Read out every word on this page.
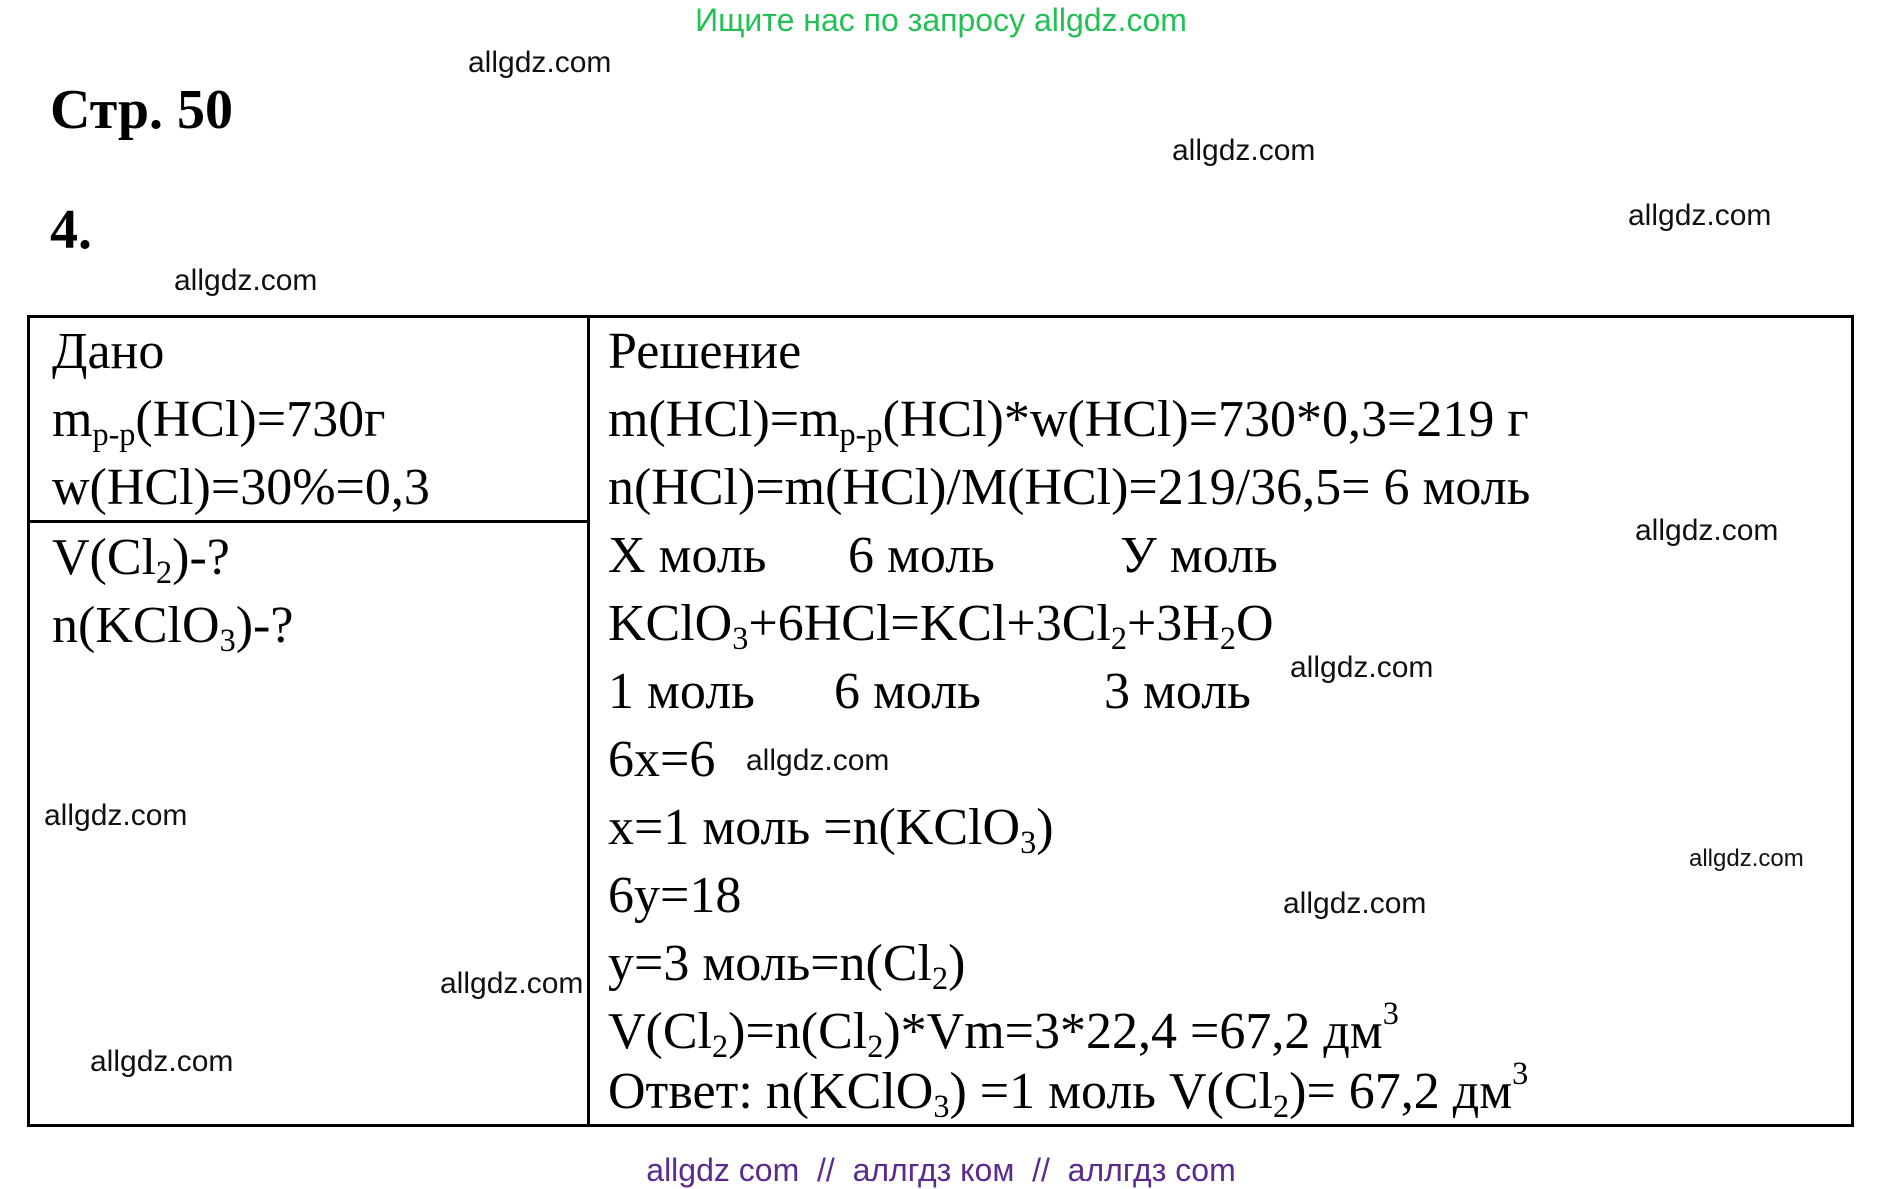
Ищите нас по запросу allgdz.com
Стр. 50
4.
allgdz.com
allgdz.com
allgdz.com
allgdz.com
allgdz.com
allgdz.com
allgdz.com
allgdz.com
allgdz.com
allgdz.com
allgdz.com
allgdz.com
Дано
$m_{р-р}(HCl)=730г$
w(HCl)=30%=0,3
$V(Cl_2)-$?
n(KClO$_3$)-?
Решение
$m(HCl)=m_{р-р}(HCl)*w(HCl)=730*0,3=219$ г
n(HCl)=m(HCl)/M(HCl)=219/36,5= 6 моль
Х моль 6 моль У моль
$KClO_3+6HCl=KCl+3Cl_2+3H_2O$
1 моль 6 моль 3 моль
6х=6
х=1 моль =n(KClO$_3$)
6у=18
у=3 $моль=n(Cl_2)$
$V(Cl_2)=n(Cl_2)*Vm=3*22,4 =67,2$ $дм^3$
Ответ: n(KClO$_3$) =1 моль $V(Cl_2)= 67,2$ $дм^3$
allgdz com  //  аллгдз ком  //  аллгдз com
